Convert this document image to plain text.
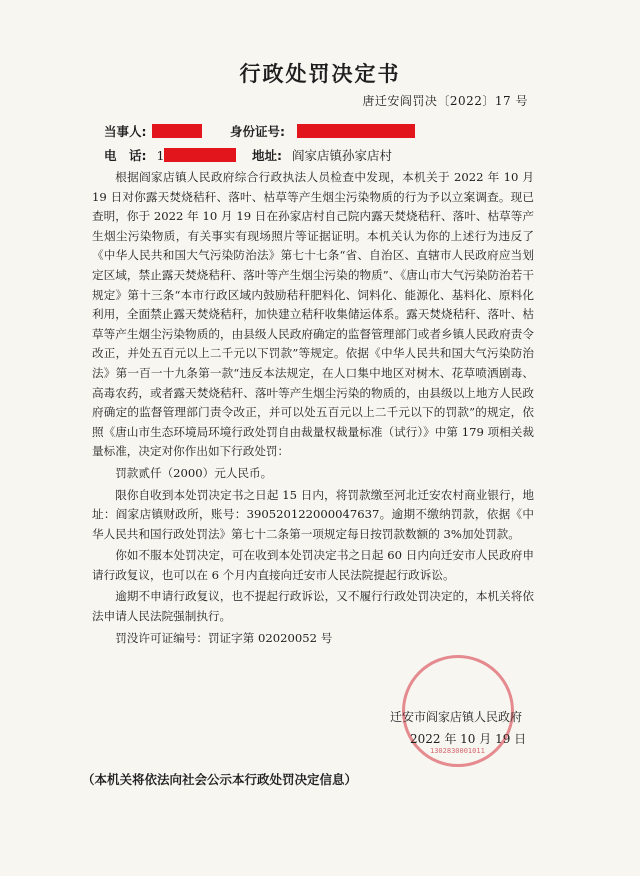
行政处罚决定书
唐迁安阎罚决〔2022〕17 号
当事人:	身份证号:
电　话: 1	地址: 阎家店镇孙家店村

根据阎家店镇人民政府综合行政执法人员检查中发现，本机关于 2022 年 10 月 19 日对你露天焚烧秸秆、落叶、枯草等产生烟尘污染物质的行为予以立案调查。现已查明，你于 2022 年 10 月 19 日在孙家店村自己院内露天焚烧秸秆、落叶、枯草等产生烟尘污染物质，有关事实有现场照片等证据证明。本机关认为你的上述行为违反了《中华人民共和国大气污染防治法》第七十七条“省、自治区、直辖市人民政府应当划定区域，禁止露天焚烧秸秆、落叶等产生烟尘污染的物质”、《唐山市大气污染防治若干规定》第十三条“本市行政区域内鼓励秸秆肥料化、饲料化、能源化、基料化、原料化利用，全面禁止露天焚烧秸秆，加快建立秸秆收集储运体系。露天焚烧秸秆、落叶、枯草等产生烟尘污染物质的，由县级人民政府确定的监督管理部门或者乡镇人民政府责令改正，并处五百元以上二千元以下罚款”等规定。依据《中华人民共和国大气污染防治法》第一百一十九条第一款“违反本法规定，在人口集中地区对树木、花草喷洒剧毒、高毒农药，或者露天焚烧秸秆、落叶等产生烟尘污染的物质的，由县级以上地方人民政府确定的监督管理部门责令改正，并可以处五百元以上二千元以下的罚款”的规定，依照《唐山市生态环境局环境行政处罚自由裁量权裁量标准（试行）》中第 179 项相关裁量标准，决定对你作出如下行政处罚：

罚款贰仟（2000）元人民币。

限你自收到本处罚决定书之日起 15 日内，将罚款缴至河北迁安农村商业银行，地址：阎家店镇财政所，账号：390520122000047637。逾期不缴纳罚款，依据《中华人民共和国行政处罚法》第七十二条第一项规定每日按罚款数额的 3%加处罚款。

你如不服本处罚决定，可在收到本处罚决定书之日起 60 日内向迁安市人民政府申请行政复议，也可以在 6 个月内直接向迁安市人民法院提起行政诉讼。

逾期不申请行政复议，也不提起行政诉讼，又不履行行政处罚决定的，本机关将依法申请人民法院强制执行。

罚没许可证编号：罚证字第 02020052 号

1302830001011
迁安市阎家店镇人民政府
2022 年 10 月 19 日
（本机关将依法向社会公示本行政处罚决定信息）
